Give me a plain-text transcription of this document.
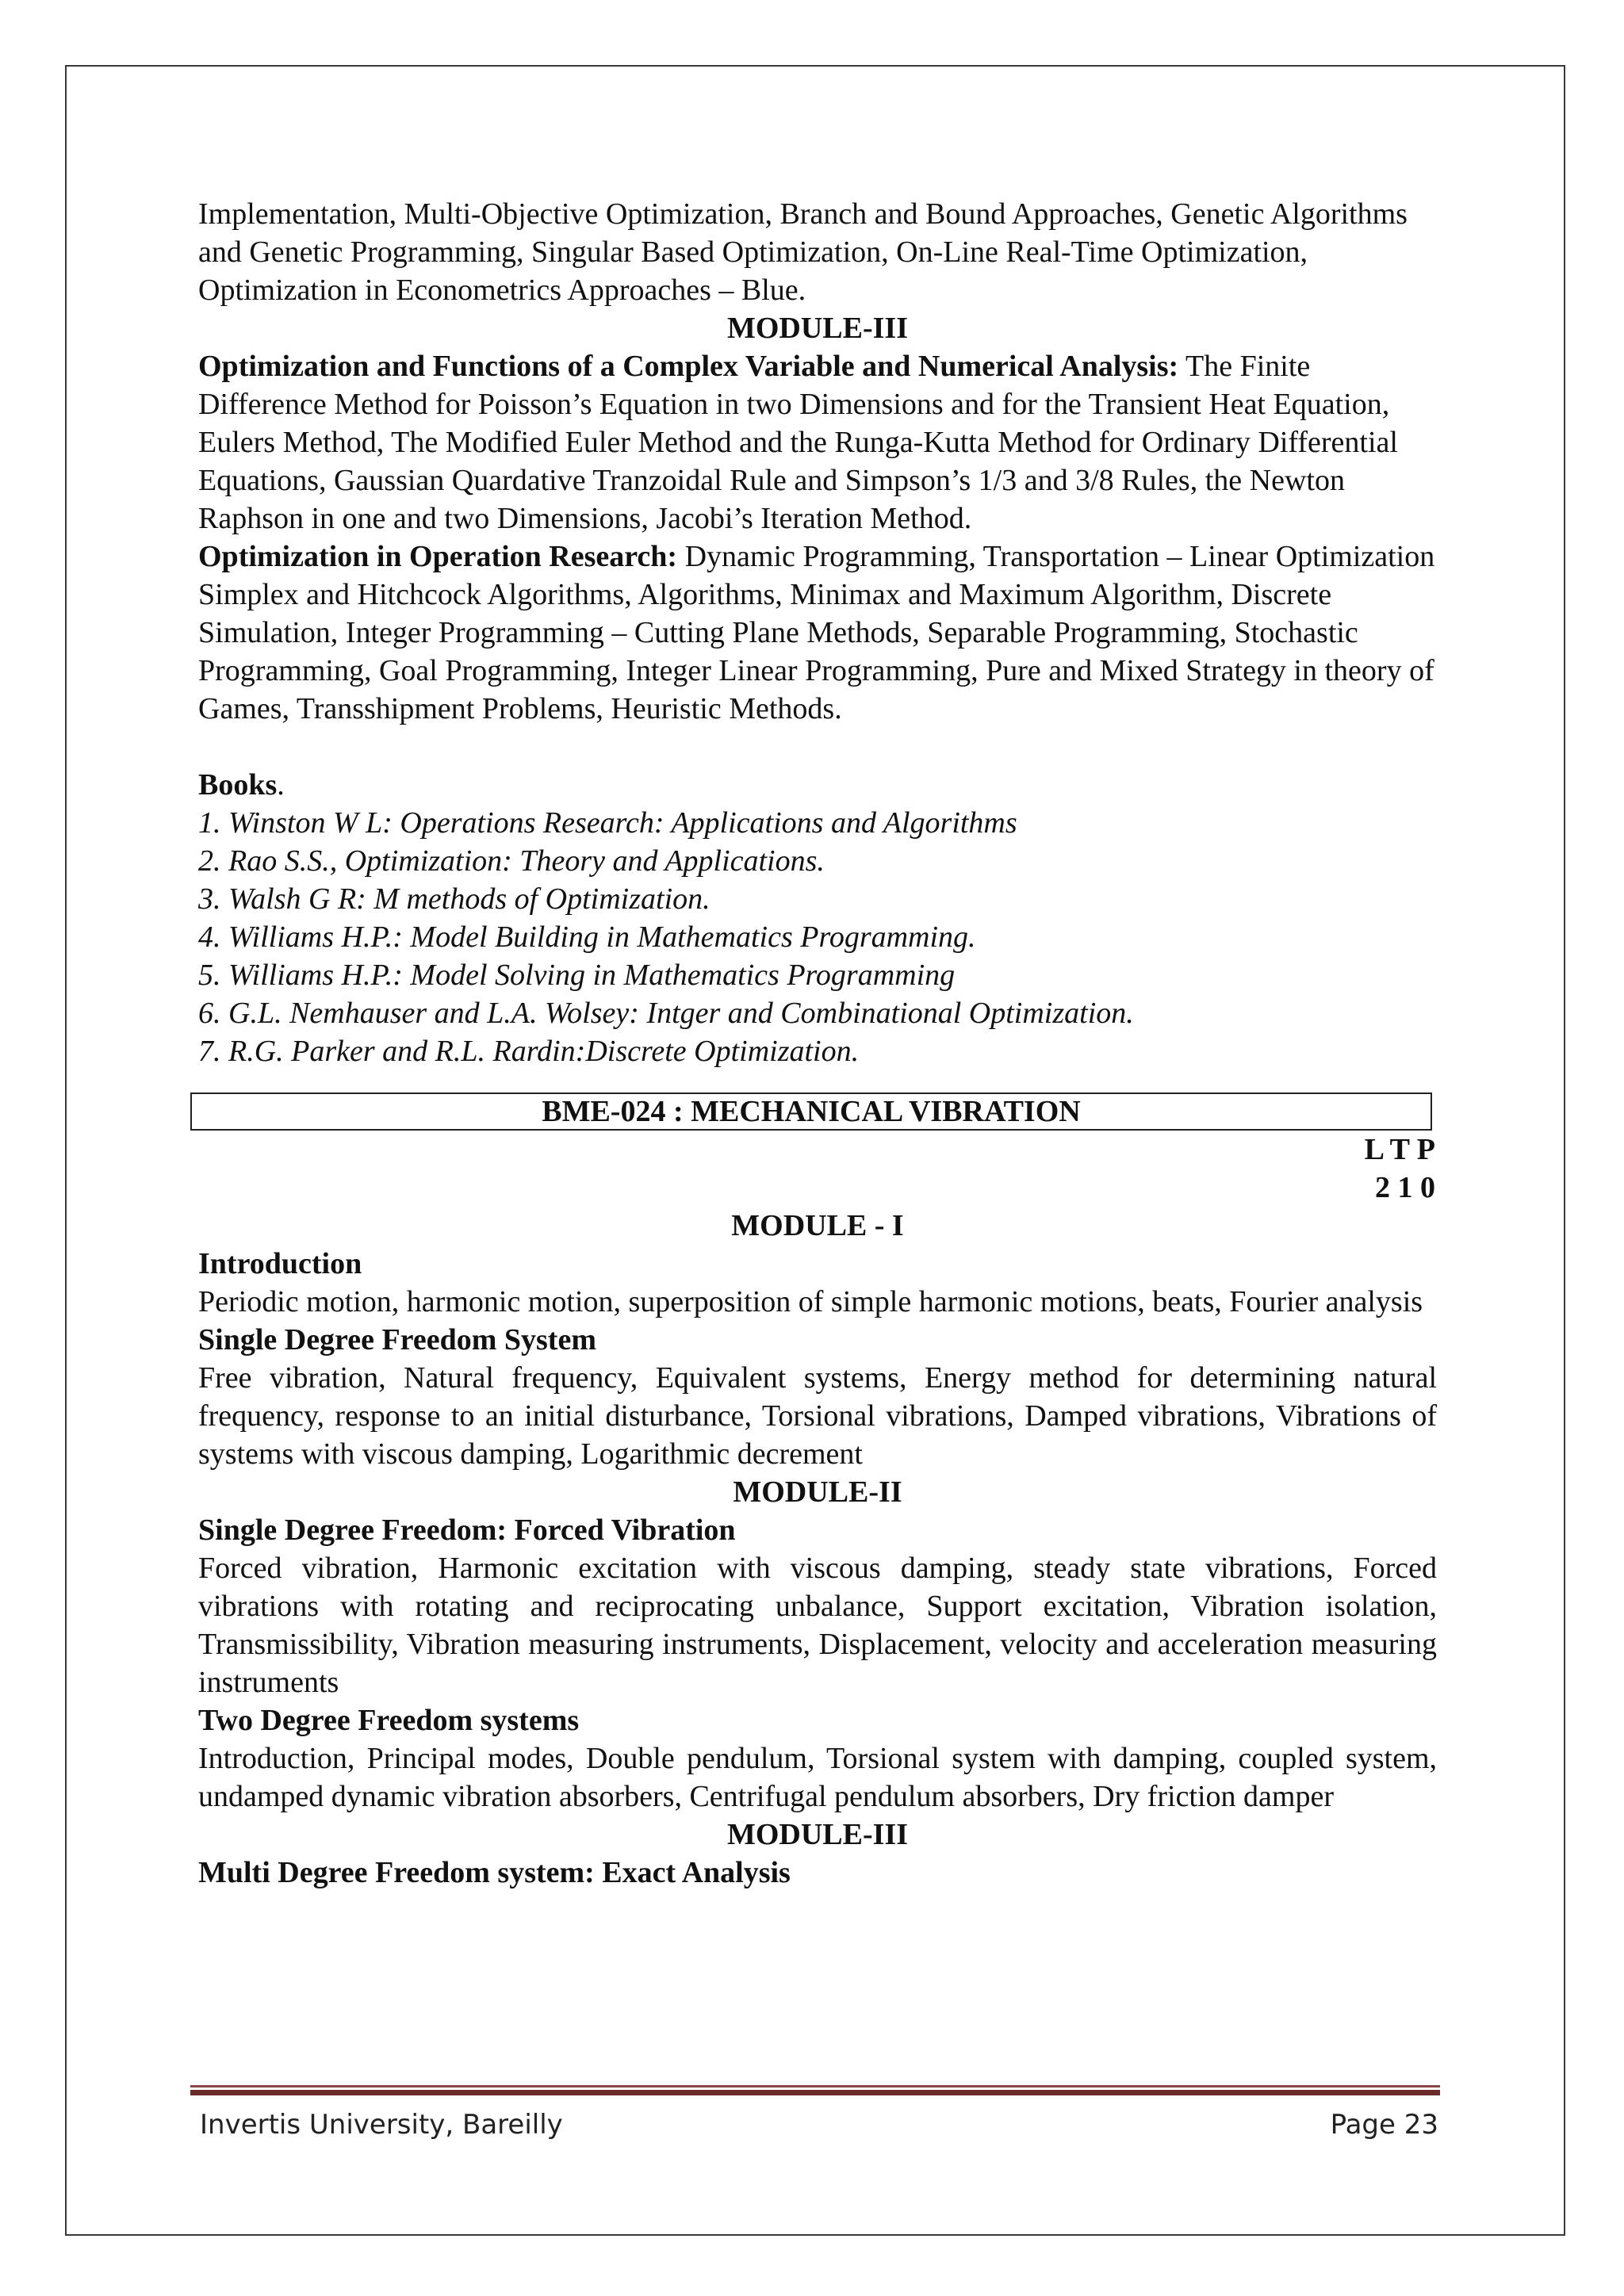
Implementation, Multi-Objective Optimization, Branch and Bound Approaches, Genetic Algorithms and Genetic Programming, Singular Based Optimization, On-Line Real-Time Optimization, Optimization in Econometrics Approaches – Blue.

MODULE-III

Optimization and Functions of a Complex Variable and Numerical Analysis: The Finite Difference Method for Poisson’s Equation in two Dimensions and for the Transient Heat Equation, Eulers Method, The Modified Euler Method and the Runga-Kutta Method for Ordinary Differential Equations, Gaussian Quardative Tranzoidal Rule and Simpson’s 1/3 and 3/8 Rules, the Newton Raphson in one and two Dimensions, Jacobi’s Iteration Method.

Optimization in Operation Research: Dynamic Programming, Transportation – Linear Optimization Simplex and Hitchcock Algorithms, Algorithms, Minimax and Maximum Algorithm, Discrete Simulation, Integer Programming – Cutting Plane Methods, Separable Programming, Stochastic Programming, Goal Programming, Integer Linear Programming, Pure and Mixed Strategy in theory of Games, Transshipment Problems, Heuristic Methods.

Books.

1. Winston W L: Operations Research: Applications and Algorithms

2. Rao S.S., Optimization: Theory and Applications.

3. Walsh G R: M methods of Optimization.

4. Williams H.P.: Model Building in Mathematics Programming.

5. Williams H.P.: Model Solving in Mathematics Programming

6. G.L. Nemhauser and L.A. Wolsey: Intger and Combinational Optimization.

7. R.G. Parker and R.L. Rardin:Discrete Optimization.

BME-024 : MECHANICAL VIBRATION

L T P

2 1 0

MODULE - I

Introduction

Periodic motion, harmonic motion, superposition of simple harmonic motions, beats, Fourier analysis

Single Degree Freedom System

Free vibration, Natural frequency, Equivalent systems, Energy method for determining natural frequency, response to an initial disturbance, Torsional vibrations, Damped vibrations, Vibrations of systems with viscous damping, Logarithmic decrement

MODULE-II

Single Degree Freedom: Forced Vibration

Forced vibration, Harmonic excitation with viscous damping, steady state vibrations, Forced vibrations with rotating and reciprocating unbalance, Support excitation, Vibration isolation, Transmissibility, Vibration measuring instruments, Displacement, velocity and acceleration measuring instruments

Two Degree Freedom systems

Introduction, Principal modes, Double pendulum, Torsional system with damping, coupled system, undamped dynamic vibration absorbers, Centrifugal pendulum absorbers, Dry friction damper

MODULE-III

Multi Degree Freedom system: Exact Analysis

Invertis University, Bareilly	Page 23
